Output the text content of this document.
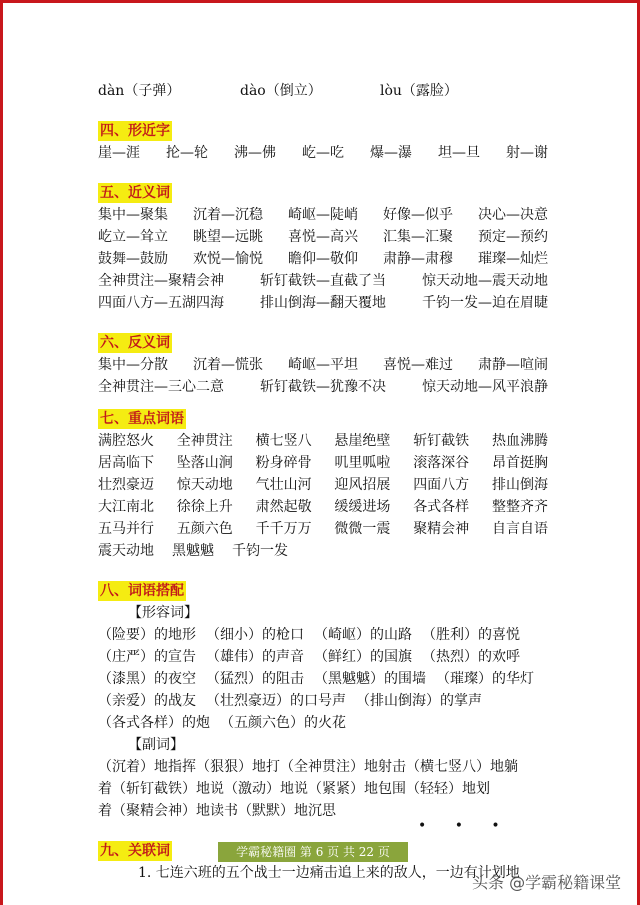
dàn（子弹）	dào（倒立）	lòu（露脸）
四、形近字
崖—涯 抡—轮 沸—佛 屹—吃 爆—瀑 坦—旦 射—谢
五、近义词
集中—聚集 沉着—沉稳 崎岖—陡峭 好像—似乎 决心—决意
屹立—耸立 眺望—远眺 喜悦—高兴 汇集—汇聚 预定—预约
鼓舞—鼓励 欢悦—愉悦 瞻仰—敬仰 肃静—肃穆 璀璨—灿烂
全神贯注—聚精会神	斩钉截铁—直截了当	惊天动地—震天动地
四面八方—五湖四海	排山倒海—翻天覆地	千钧一发—迫在眉睫
六、反义词
集中—分散 沉着—慌张 崎岖—平坦 喜悦—难过 肃静—喧闹
全神贯注—三心二意	斩钉截铁—犹豫不决	惊天动地—风平浪静
七、重点词语
满腔怒火 全神贯注 横七竖八 悬崖绝壁 斩钉截铁 热血沸腾
居高临下 坠落山涧 粉身碎骨 叽里呱啦 滚落深谷 昂首挺胸
壮烈豪迈 惊天动地 气壮山河 迎风招展 四面八方 排山倒海
大江南北 徐徐上升 肃然起敬 缓缓进场 各式各样 整整齐齐
五马并行 五颜六色 千千万万 微微一震 聚精会神 自言自语
震天动地 黑魆魆 千钧一发
八、词语搭配
【形容词】
（险要）的地形 （细小）的枪口 （崎岖）的山路 （胜利）的喜悦
（庄严）的宣告 （雄伟）的声音 （鲜红）的国旗 （热烈）的欢呼
（漆黑）的夜空 （猛烈）的阻击 （黑魆魆）的围墙 （璀璨）的华灯
（亲爱）的战友 （壮烈豪迈）的口号声 （排山倒海）的掌声
（各式各样）的炮 （五颜六色）的火花
【副词】
（沉着）地指挥（狠狠）地打（全神贯注）地射击（横七竖八）地躺
着（斩钉截铁）地说（激动）地说（紧紧）地包围（轻轻）地划
着（聚精会神）地读书（默默）地沉思
九、关联词
1. 七连六班的五个战士一边痛击追上来的敌人，一边有计划地
• • •
学霸秘籍圈 第 6 页 共 22 页
头条 @学霸秘籍课堂
